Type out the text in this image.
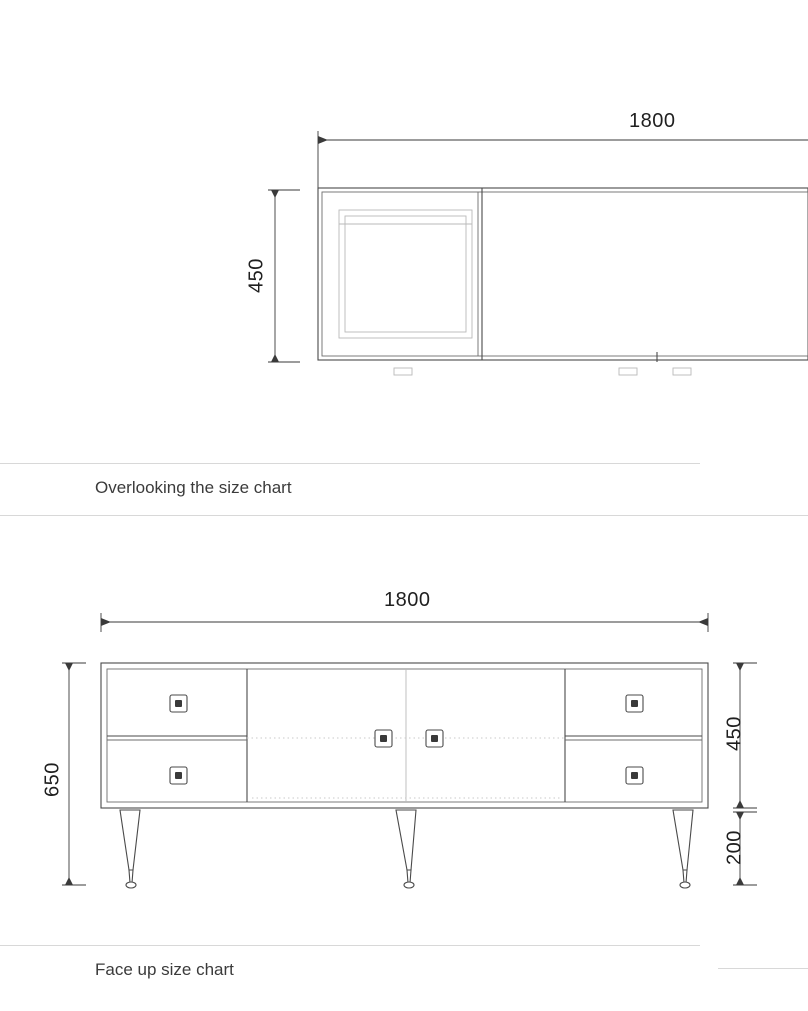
1800
450
Overlooking the size chart
1800
650
450
200
Face up size chart
